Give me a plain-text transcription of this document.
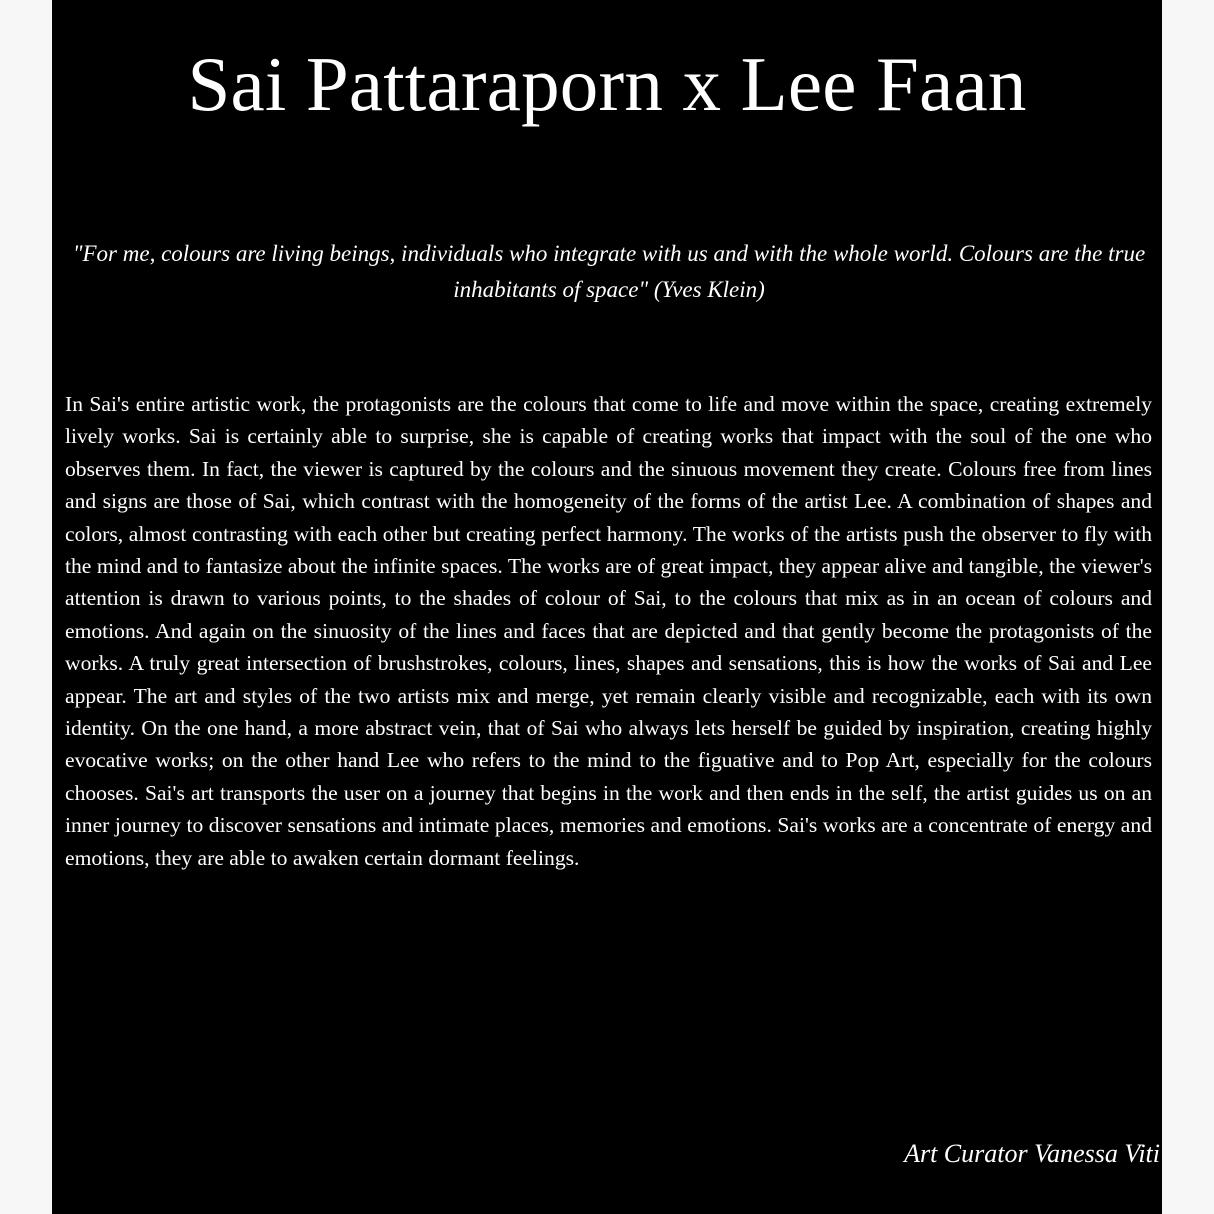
Sai Pattaraporn x Lee Faan

"For me, colours are living beings, individuals who integrate with us and with the whole world. Colours are the true inhabitants of space" (Yves Klein)

In Sai's entire artistic work, the protagonists are the colours that come to life and move within the space, creating extremely lively works. Sai is certainly able to surprise, she is capable of creating works that impact with the soul of the one who observes them. In fact, the viewer is captured by the colours and the sinuous movement they create. Colours free from lines and signs are those of Sai, which contrast with the homogeneity of the forms of the artist Lee. A combination of shapes and colors, almost contrasting with each other but creating perfect harmony. The works of the artists push the observer to fly with the mind and to fantasize about the infinite spaces. The works are of great impact, they appear alive and tangible, the viewer's attention is drawn to various points, to the shades of colour of Sai, to the colours that mix as in an ocean of colours and emotions. And again on the sinuosity of the lines and faces that are depicted and that gently become the protagonists of the works. A truly great intersection of brushstrokes, colours, lines, shapes and sensations, this is how the works of Sai and Lee appear. The art and styles of the two artists mix and merge, yet remain clearly visible and recognizable, each with its own identity. On the one hand, a more abstract vein, that of Sai who always lets herself be guided by inspiration, creating highly evocative works; on the other hand Lee who refers to the mind to the figuative and to Pop Art, especially for the colours chooses. Sai's art transports the user on a journey that begins in the work and then ends in the self, the artist guides us on an inner journey to discover sensations and intimate places, memories and emotions. Sai's works are a concentrate of energy and emotions, they are able to awaken certain dormant feelings.

Art Curator Vanessa Viti
